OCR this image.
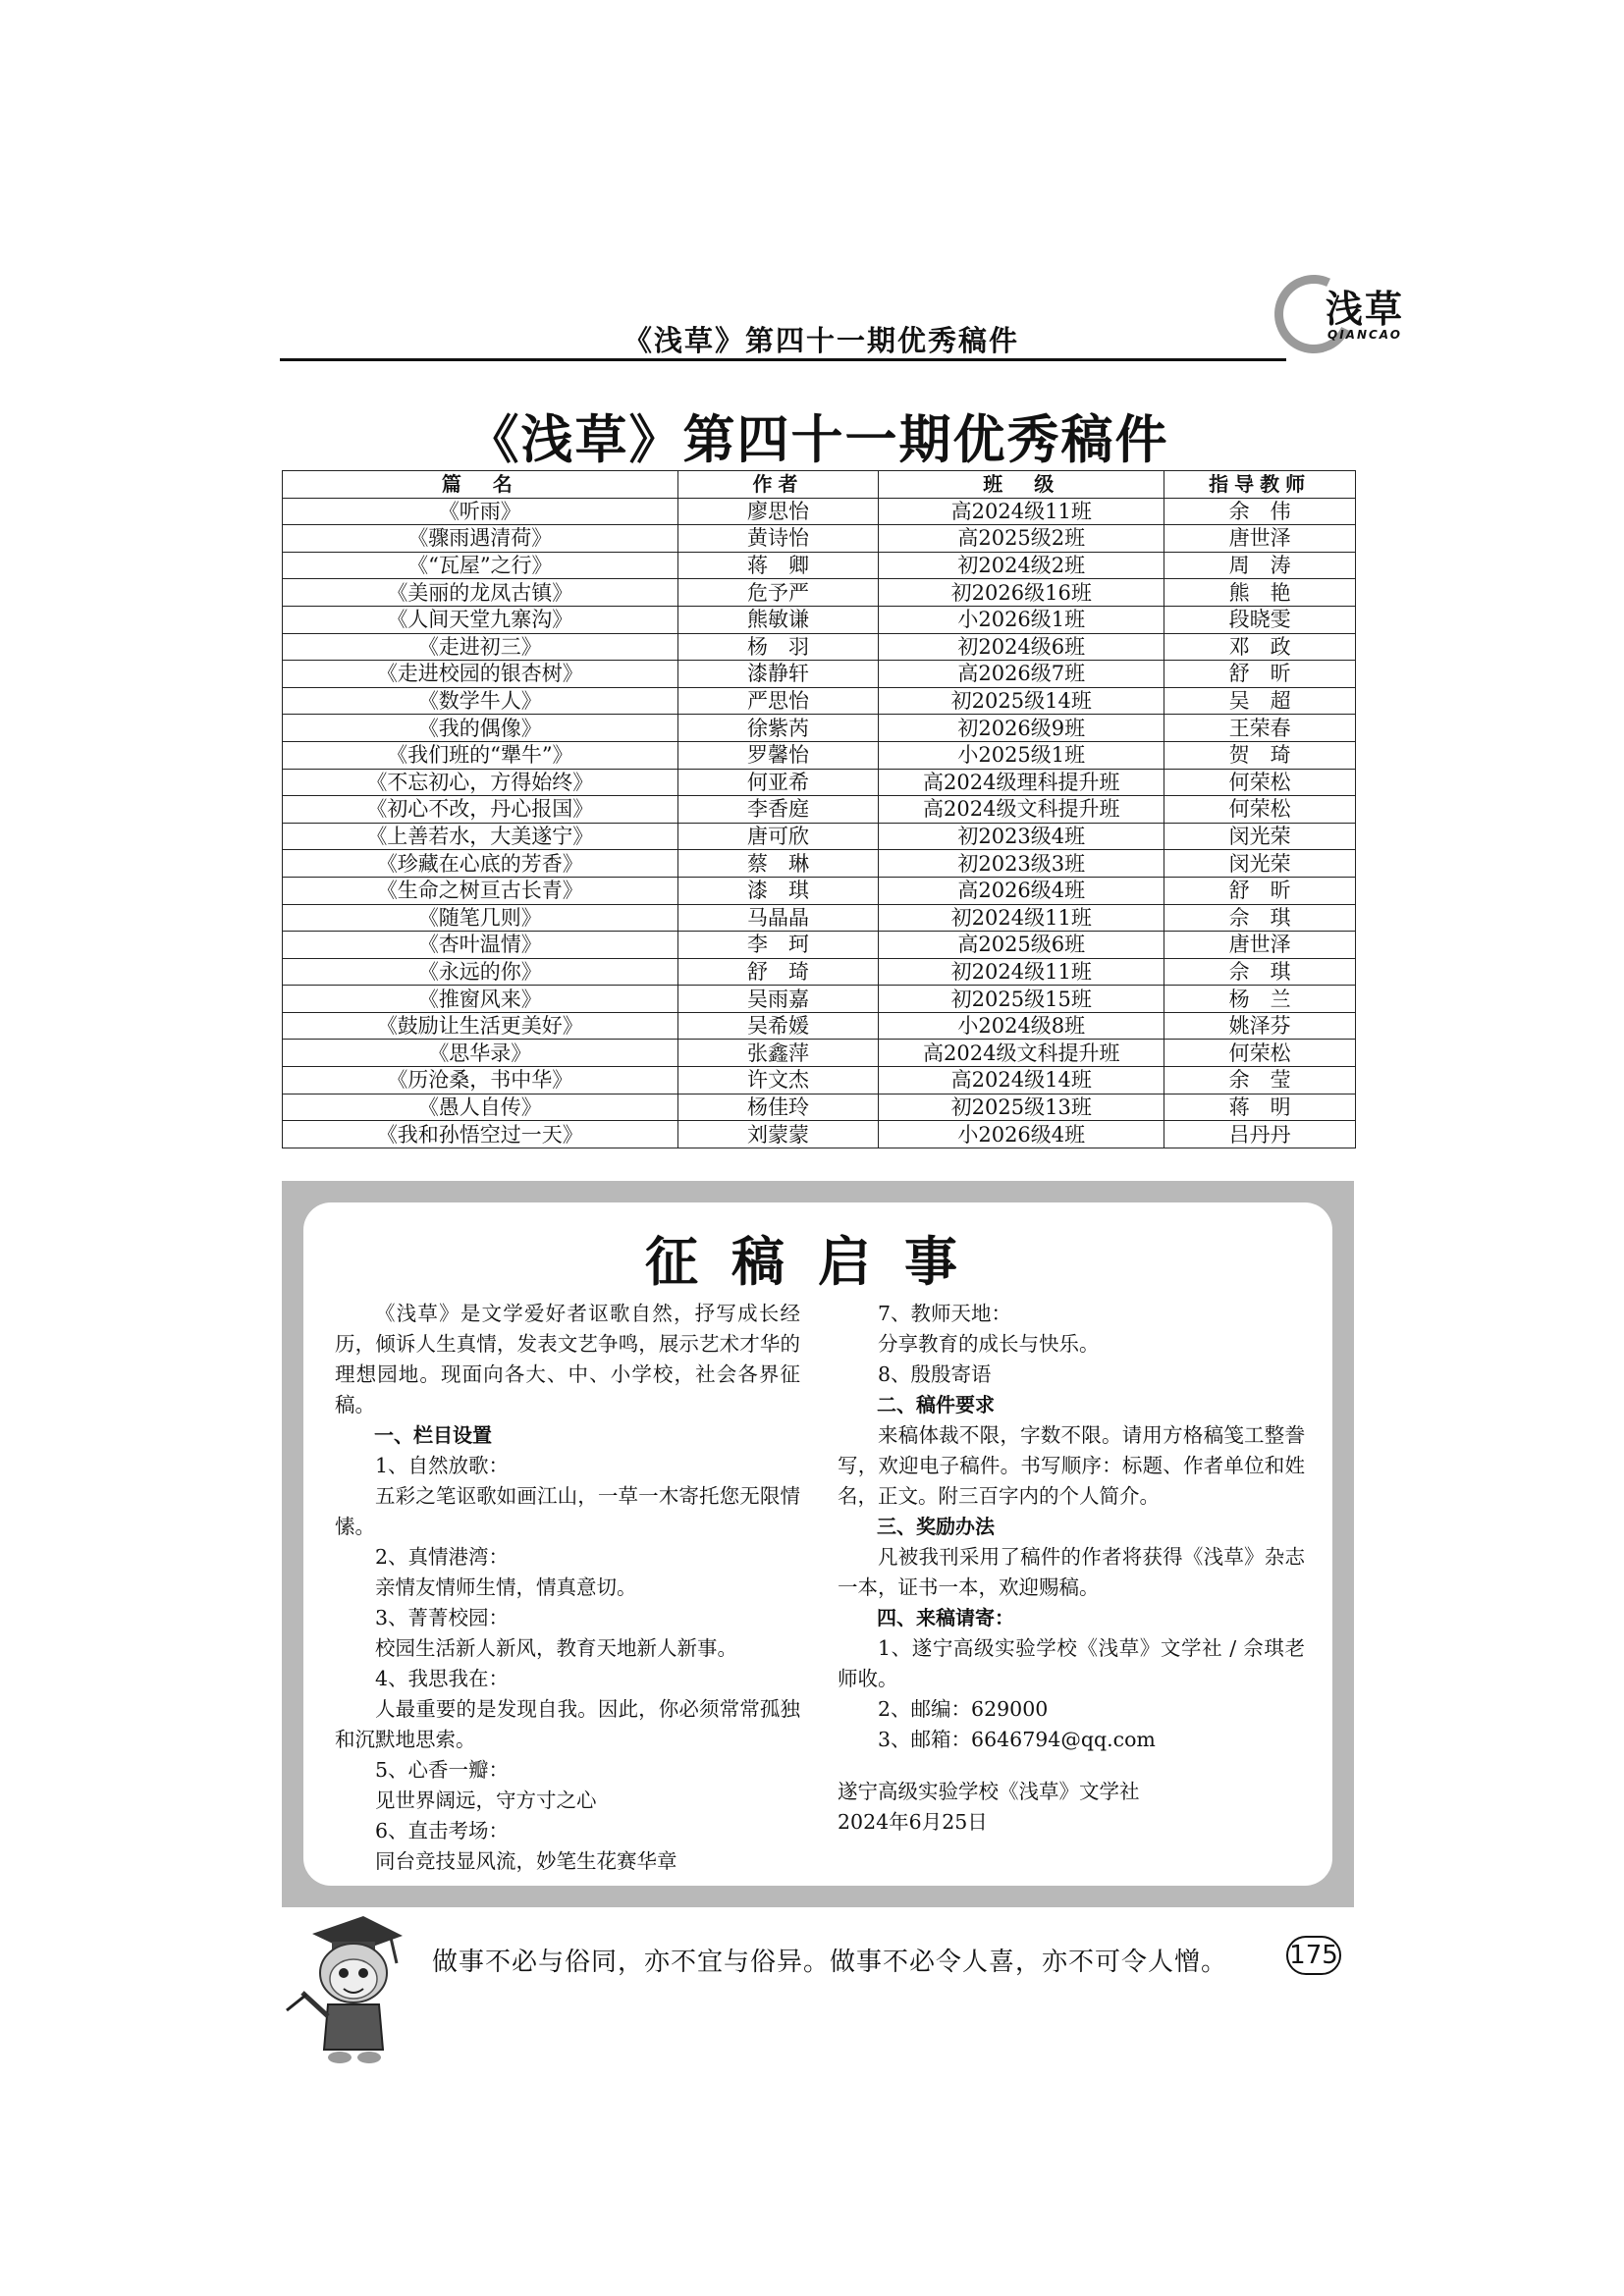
《浅草》第四十一期优秀稿件
浅草
QIANCAO
《浅草》第四十一期优秀稿件
篇　名	作者	班　级	指导教师
《听雨》	廖思怡	高2024级11班	余　伟
《骤雨遇清荷》	黄诗怡	高2025级2班	唐世泽
《“瓦屋”之行》	蒋　卿	初2024级2班	周　涛
《美丽的龙凤古镇》	危予严	初2026级16班	熊　艳
《人间天堂九寨沟》	熊敏谦	小2026级1班	段晓雯
《走进初三》	杨　羽	初2024级6班	邓　政
《走进校园的银杏树》	漆静轩	高2026级7班	舒　昕
《数学牛人》	严思怡	初2025级14班	吴　超
《我的偶像》	徐紫芮	初2026级9班	王荣春
《我们班的“犟牛”》	罗馨怡	小2025级1班	贺　琦
《不忘初心，方得始终》	何亚希	高2024级理科提升班	何荣松
《初心不改，丹心报国》	李香庭	高2024级文科提升班	何荣松
《上善若水，大美遂宁》	唐可欣	初2023级4班	闵光荣
《珍藏在心底的芳香》	蔡　琳	初2023级3班	闵光荣
《生命之树亘古长青》	漆　琪	高2026级4班	舒　昕
《随笔几则》	马晶晶	初2024级11班	佘　琪
《杏叶温情》	李　珂	高2025级6班	唐世泽
《永远的你》	舒　琦	初2024级11班	佘　琪
《推窗风来》	吴雨嘉	初2025级15班	杨　兰
《鼓励让生活更美好》	吴希媛	小2024级8班	姚泽芬
《思华录》	张鑫萍	高2024级文科提升班	何荣松
《历沧桑，书中华》	许文杰	高2024级14班	余　莹
《愚人自传》	杨佳玲	初2025级13班	蒋　明
《我和孙悟空过一天》	刘蒙蒙	小2026级4班	吕丹丹
征稿启事

《浅草》是文学爱好者讴歌自然，抒写成长经历，倾诉人生真情，发表文艺争鸣，展示艺术才华的理想园地。现面向各大、中、小学校，社会各界征稿。

一、栏目设置

1、自然放歌：

五彩之笔讴歌如画江山，一草一木寄托您无限情愫。

2、真情港湾：

亲情友情师生情，情真意切。

3、菁菁校园：

校园生活新人新风，教育天地新人新事。

4、我思我在：

人最重要的是发现自我。因此，你必须常常孤独和沉默地思索。

5、心香一瓣：

见世界阔远，守方寸之心

6、直击考场：

同台竞技显风流，妙笔生花赛华章

7、教师天地：

分享教育的成长与快乐。

8、殷殷寄语

二、稿件要求

来稿体裁不限，字数不限。请用方格稿笺工整誊写，欢迎电子稿件。书写顺序：标题、作者单位和姓名，正文。附三百字内的个人简介。

三、奖励办法

凡被我刊采用了稿件的作者将获得《浅草》杂志一本，证书一本，欢迎赐稿。

四、来稿请寄：

1、遂宁高级实验学校《浅草》文学社 / 佘琪老师收。

2、邮编：629000

3、邮箱：6646794@qq.com

遂宁高级实验学校《浅草》文学社

2024年6月25日

做事不必与俗同，亦不宜与俗异。做事不必令人喜，亦不可令人憎。 175
